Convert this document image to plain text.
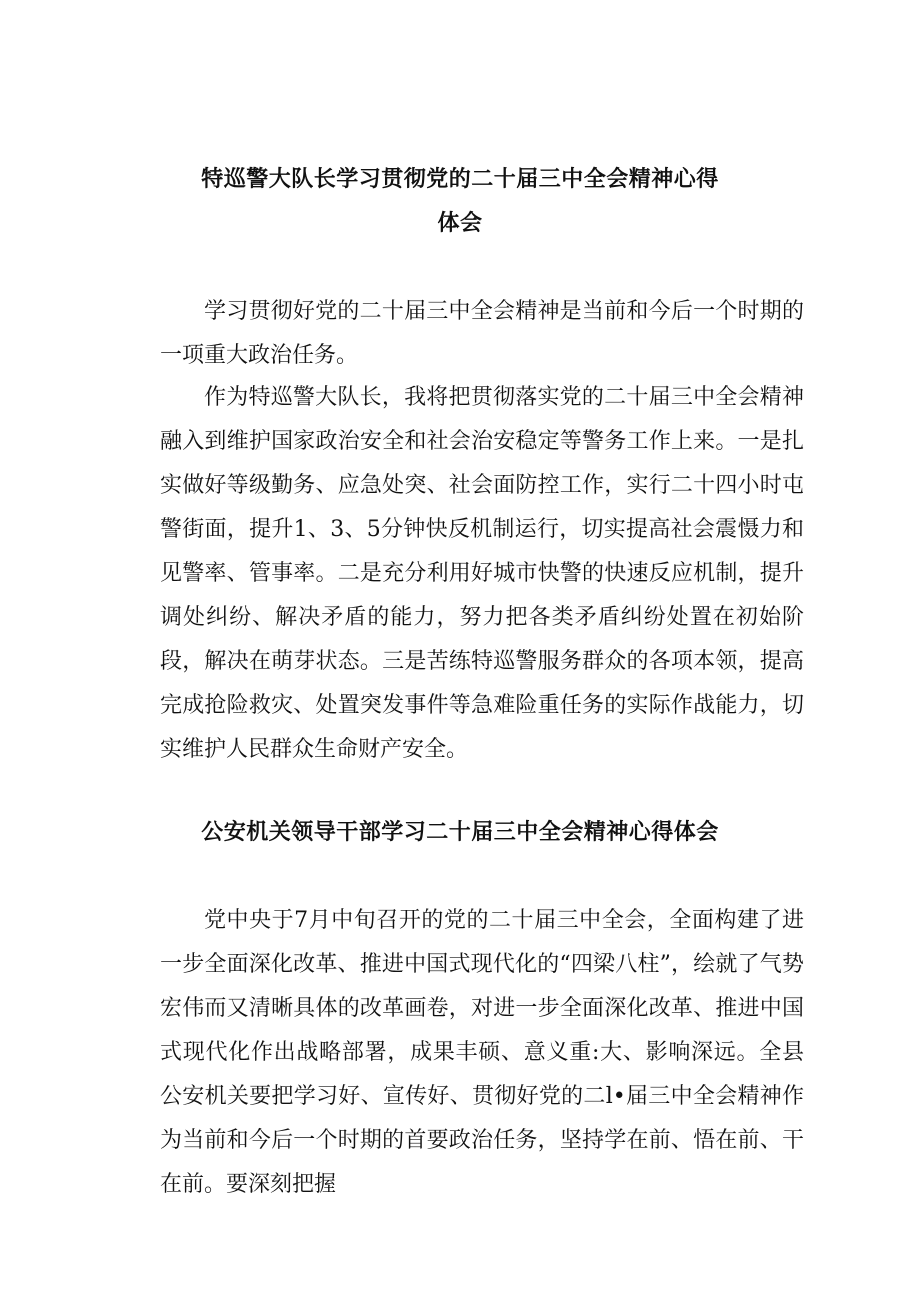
特巡警大队长学习贯彻党的二十届三中全会精神心得
体会

学习贯彻好党的二十届三中全会精神是当前和今后一个时期的一项重大政治任务。

作为特巡警大队长，我将把贯彻落实党的二十届三中全会精神融入到维护国家政治安全和社会治安稳定等警务工作上来。一是扎实做好等级勤务、应急处突、社会面防控工作，实行二十四小时屯警街面，提升1、3、5分钟快反机制运行，切实提高社会震慑力和见警率、管事率。二是充分利用好城市快警的快速反应机制，提升调处纠纷、解决矛盾的能力，努力把各类矛盾纠纷处置在初始阶段，解决在萌芽状态。三是苦练特巡警服务群众的各项本领，提高完成抢险救灾、处置突发事件等急难险重任务的实际作战能力，切实维护人民群众生命财产安全。

公安机关领导干部学习二十届三中全会精神心得体会

党中央于7月中旬召开的党的二十届三中全会，全面构建了进一步全面深化改革、推进中国式现代化的“四梁八柱”，绘就了气势宏伟而又清晰具体的改革画卷，对进一步全面深化改革、推进中国式现代化作出战略部署，成果丰硕、意义重:大、影响深远。全县公安机关要把学习好、宣传好、贯彻好党的二l•届三中全会精神作为当前和今后一个时期的首要政治任务，坚持学在前、悟在前、干在前。要深刻把握
